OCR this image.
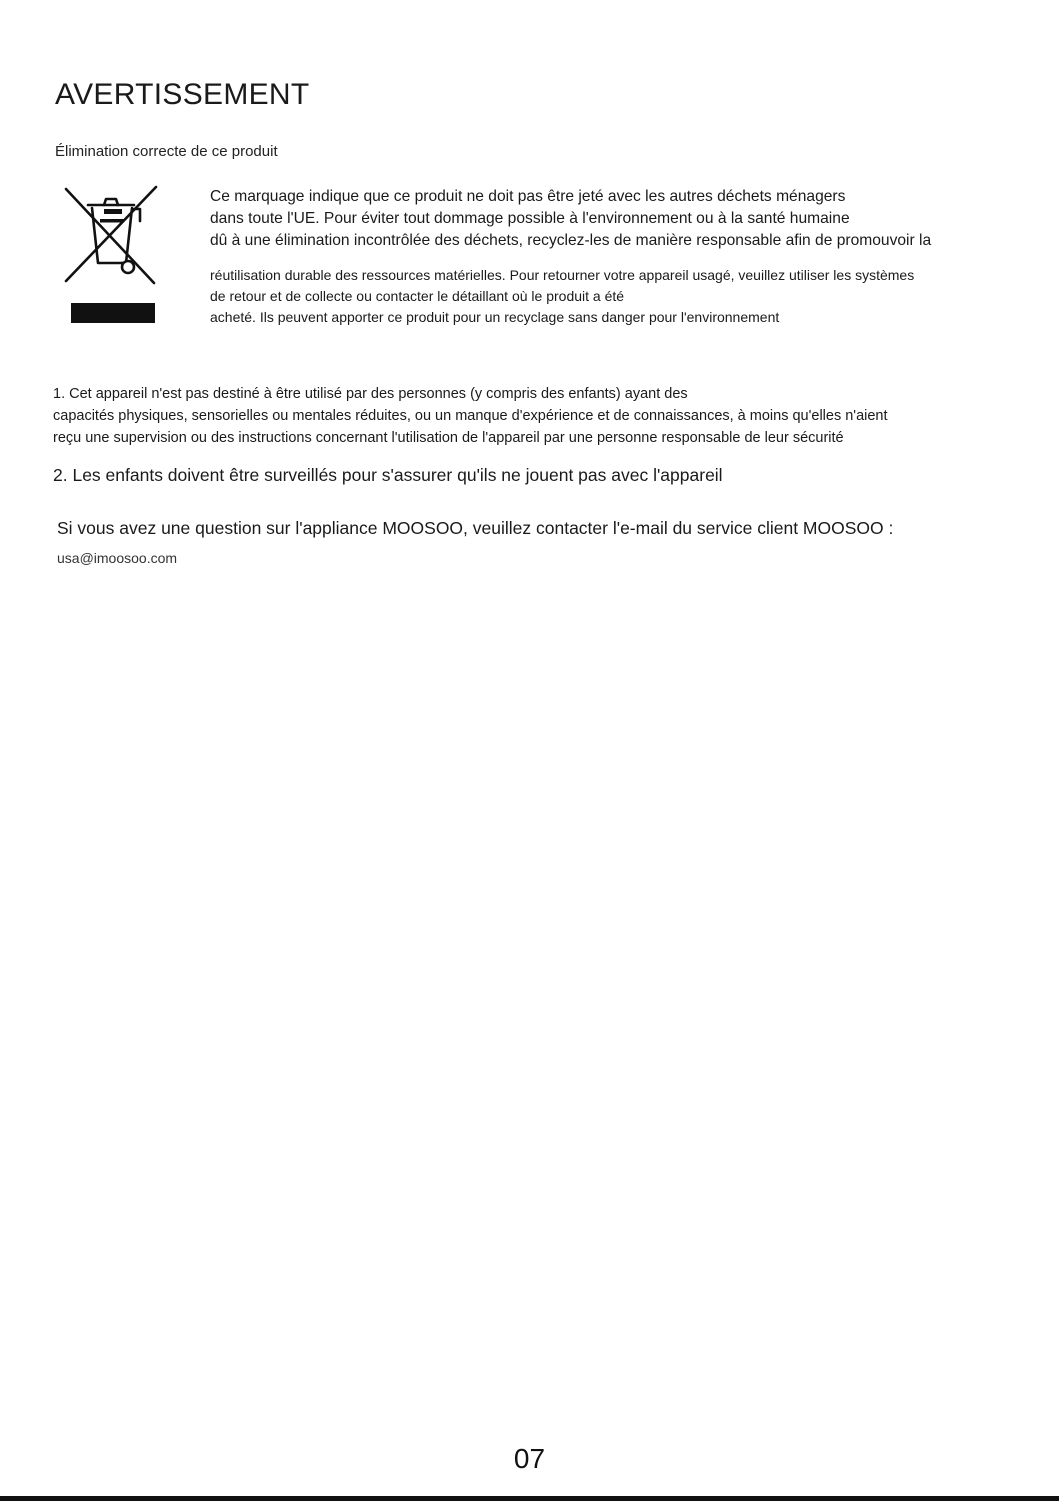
AVERTISSEMENT
Élimination correcte de ce produit
Ce marquage indique que ce produit ne doit pas être jeté avec les autres déchets ménagers
dans toute l'UE. Pour éviter tout dommage possible à l'environnement ou à la santé humaine
dû à une élimination incontrôlée des déchets, recyclez-les de manière responsable afin de promouvoir la
réutilisation durable des ressources matérielles. Pour retourner votre appareil usagé, veuillez utiliser les systèmes
de retour et de collecte ou contacter le détaillant où le produit a été
acheté. Ils peuvent apporter ce produit pour un recyclage sans danger pour l'environnement
1. Cet appareil n'est pas destiné à être utilisé par des personnes (y compris des enfants) ayant des
capacités physiques, sensorielles ou mentales réduites, ou un manque d'expérience et de connaissances, à moins qu'elles n'aient
reçu une supervision ou des instructions concernant l'utilisation de l'appareil par une personne responsable de leur sécurité
2. Les enfants doivent être surveillés pour s'assurer qu'ils ne jouent pas avec l'appareil
Si vous avez une question sur l'appliance MOOSOO, veuillez contacter l'e-mail du service client MOOSOO :
usa@imoosoo.com
07
